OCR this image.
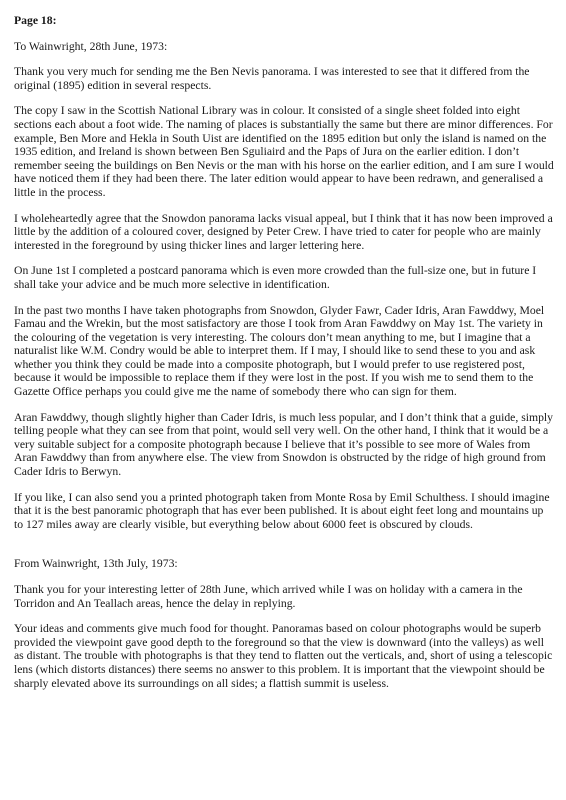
Page 18:

To Wainwright, 28th June, 1973:

Thank you very much for sending me the Ben Nevis panorama. I was interested to see that it differed from the original (1895) edition in several respects.

The copy I saw in the Scottish National Library was in colour. It consisted of a single sheet folded into eight sections each about a foot wide. The naming of places is substantially the same but there are minor differences. For example, Ben More and Hekla in South Uist are identified on the 1895 edition but only the island is named on the 1935 edition, and Ireland is shown between Ben Sguliaird and the Paps of Jura on the earlier edition. I don’t remember seeing the buildings on Ben Nevis or the man with his horse on the earlier edition, and I am sure I would have noticed them if they had been there. The later edition would appear to have been redrawn, and generalised a little in the process.

I wholeheartedly agree that the Snowdon panorama lacks visual appeal, but I think that it has now been improved a little by the addition of a coloured cover, designed by Peter Crew. I have tried to cater for people who are mainly interested in the foreground by using thicker lines and larger lettering here.

On June 1st I completed a postcard panorama which is even more crowded than the full-size one, but in future I shall take your advice and be much more selective in identification.

In the past two months I have taken photographs from Snowdon, Glyder Fawr, Cader Idris, Aran Fawddwy, Moel Famau and the Wrekin, but the most satisfactory are those I took from Aran Fawddwy on May 1st. The variety in the colouring of the vegetation is very interesting. The colours don’t mean anything to me, but I imagine that a naturalist like W.M. Condry would be able to interpret them. If I may, I should like to send these to you and ask whether you think they could be made into a composite photograph, but I would prefer to use registered post, because it would be impossible to replace them if they were lost in the post. If you wish me to send them to the Gazette Office perhaps you could give me the name of somebody there who can sign for them.

Aran Fawddwy, though slightly higher than Cader Idris, is much less popular, and I don’t think that a guide, simply telling people what they can see from that point, would sell very well. On the other hand, I think that it would be a very suitable subject for a composite photograph because I believe that it’s possible to see more of Wales from Aran Fawddwy than from anywhere else. The view from Snowdon is obstructed by the ridge of high ground from Cader Idris to Berwyn.

If you like, I can also send you a printed photograph taken from Monte Rosa by Emil Schulthess. I should imagine that it is the best panoramic photograph that has ever been published. It is about eight feet long and mountains up to 127 miles away are clearly visible, but everything below about 6000 feet is obscured by clouds.

From Wainwright, 13th July, 1973:

Thank you for your interesting letter of 28th June, which arrived while I was on holiday with a camera in the Torridon and An Teallach areas, hence the delay in replying.

Your ideas and comments give much food for thought. Panoramas based on colour photographs would be superb provided the viewpoint gave good depth to the foreground so that the view is downward (into the valleys) as well as distant. The trouble with photographs is that they tend to flatten out the verticals, and, short of using a telescopic lens (which distorts distances) there seems no answer to this problem. It is important that the viewpoint should be sharply elevated above its surroundings on all sides; a flattish summit is useless.
